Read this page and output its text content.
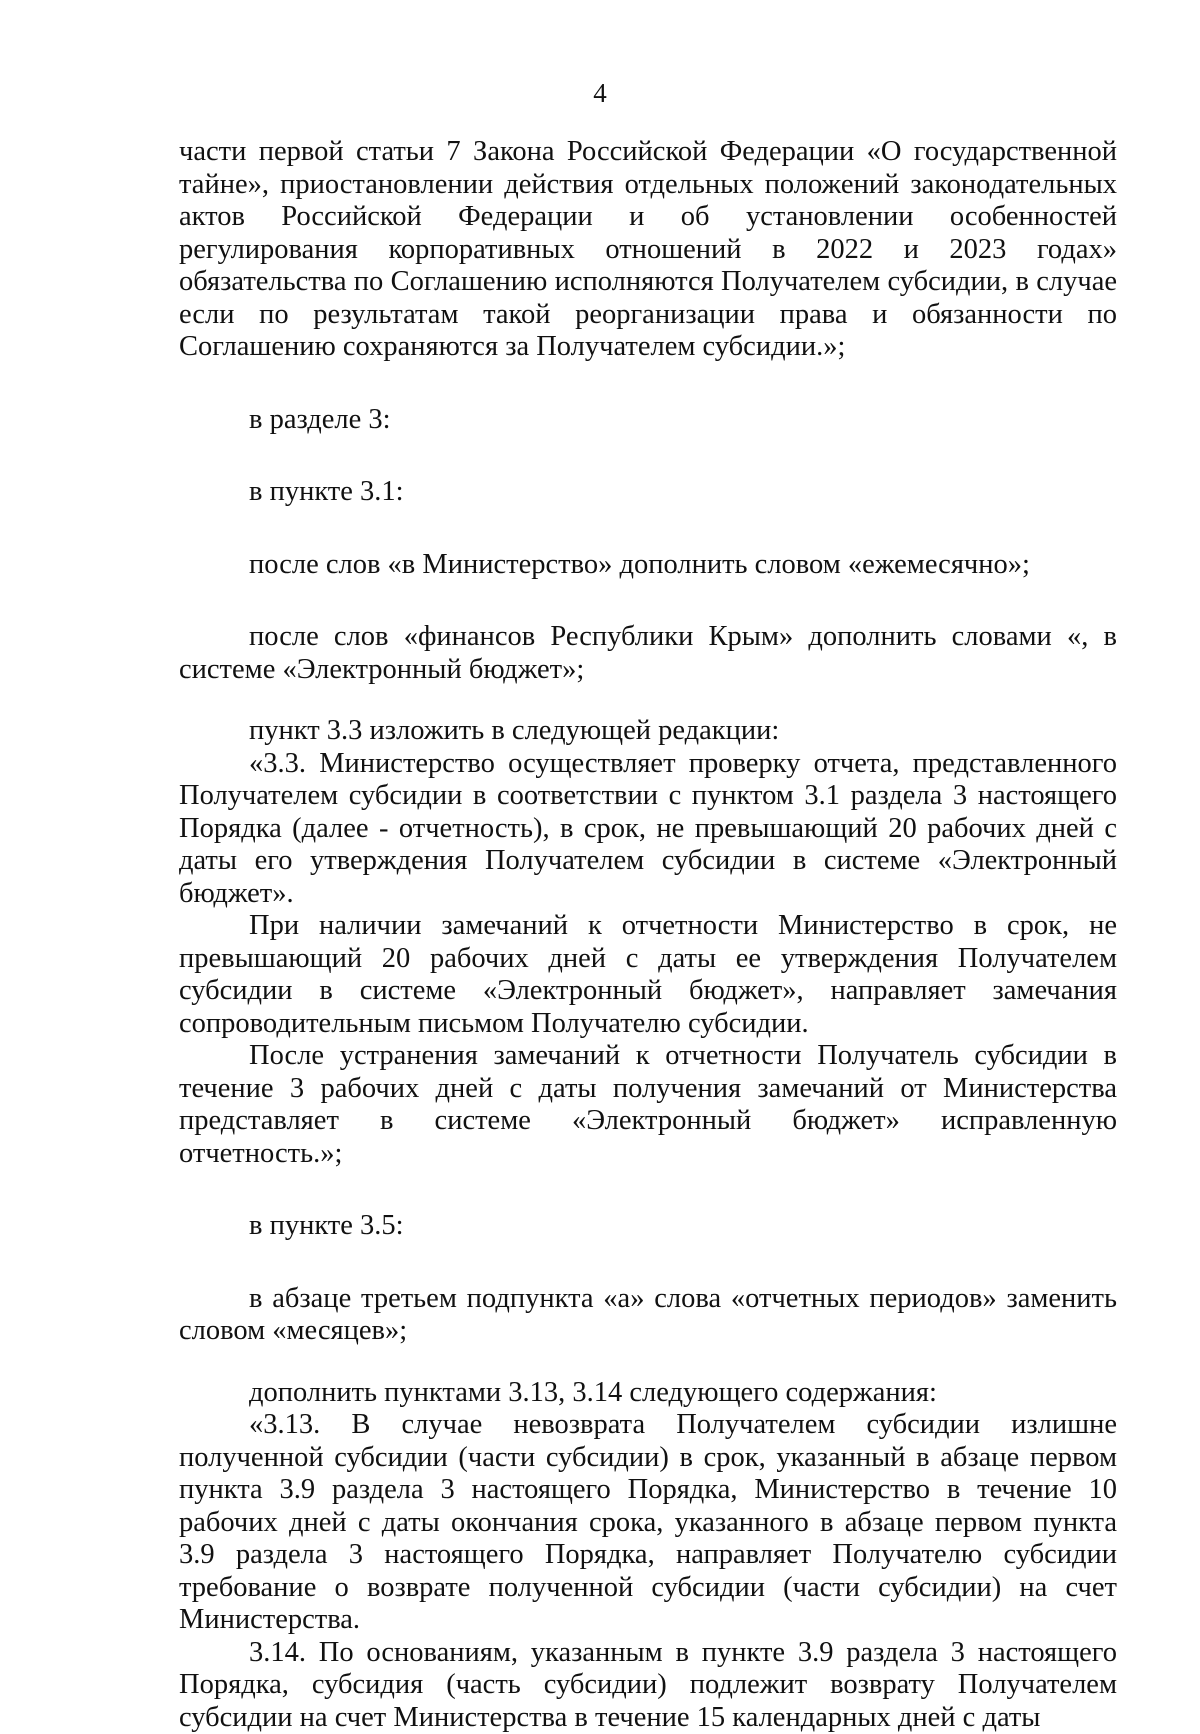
4

части первой статьи 7 Закона Российской Федерации «О государственной тайне», приостановлении действия отдельных положений законодательных актов Российской Федерации и об установлении особенностей регулирования корпоративных отношений в 2022 и 2023 годах» обязательства по Соглашению исполняются Получателем субсидии, в случае если по результатам такой реорганизации права и обязанности по Соглашению сохраняются за Получателем субсидии.»;

в разделе 3:

в пункте 3.1:

после слов «в Министерство» дополнить словом «ежемесячно»;

после слов «финансов Республики Крым» дополнить словами «, в системе «Электронный бюджет»;

пункт 3.3 изложить в следующей редакции:

«3.3. Министерство осуществляет проверку отчета, представленного Получателем субсидии в соответствии с пунктом 3.1 раздела 3 настоящего Порядка (далее - отчетность), в срок, не превышающий 20 рабочих дней с даты его утверждения Получателем субсидии в системе «Электронный бюджет».

При наличии замечаний к отчетности Министерство в срок, не превышающий 20 рабочих дней с даты ее утверждения Получателем субсидии в системе «Электронный бюджет», направляет замечания сопроводительным письмом Получателю субсидии.

После устранения замечаний к отчетности Получатель субсидии в течение 3 рабочих дней с даты получения замечаний от Министерства представляет в системе «Электронный бюджет» исправленную отчетность.»;

в пункте 3.5:

в абзаце третьем подпункта «а» слова «отчетных периодов» заменить словом «месяцев»;

дополнить пунктами 3.13, 3.14 следующего содержания:

«3.13. В случае невозврата Получателем субсидии излишне полученной субсидии (части субсидии) в срок, указанный в абзаце первом пункта 3.9 раздела 3 настоящего Порядка, Министерство в течение 10 рабочих дней с даты окончания срока, указанного в абзаце первом пункта 3.9 раздела 3 настоящего Порядка, направляет Получателю субсидии требование о возврате полученной субсидии (части субсидии) на счет Министерства.

3.14. По основаниям, указанным в пункте 3.9 раздела 3 настоящего Порядка, субсидия (часть субсидии) подлежит возврату Получателем субсидии на счет Министерства в течение 15 календарных дней с даты
